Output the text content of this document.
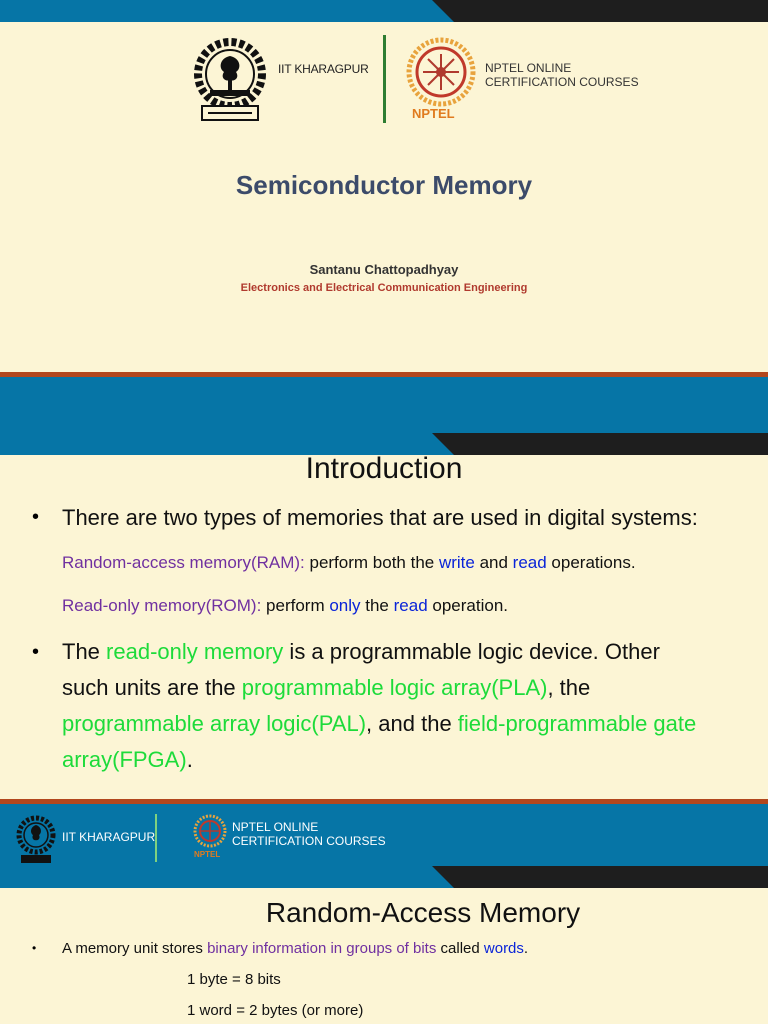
IIT KHARAGPUR
NPTEL
NPTEL ONLINE
CERTIFICATION COURSES
Semiconductor Memory
Santanu Chattopadhyay
Electronics and Electrical Communication Engineering
Introduction
• There are two types of memories that are used in digital systems:
Random-access memory(RAM): perform both the write and read operations.
Read-only memory(ROM): perform only the read operation.
• The read-only memory is a programmable logic device. Other
such units are the programmable logic array(PLA), the
programmable array logic(PAL), and the field-programmable gate
array(FPGA).
IIT KHARAGPUR
NPTEL
NPTEL ONLINE
CERTIFICATION COURSES
Random-Access Memory
• A memory unit stores binary information in groups of bits called words.
1 byte = 8 bits
1 word = 2 bytes (or more)
